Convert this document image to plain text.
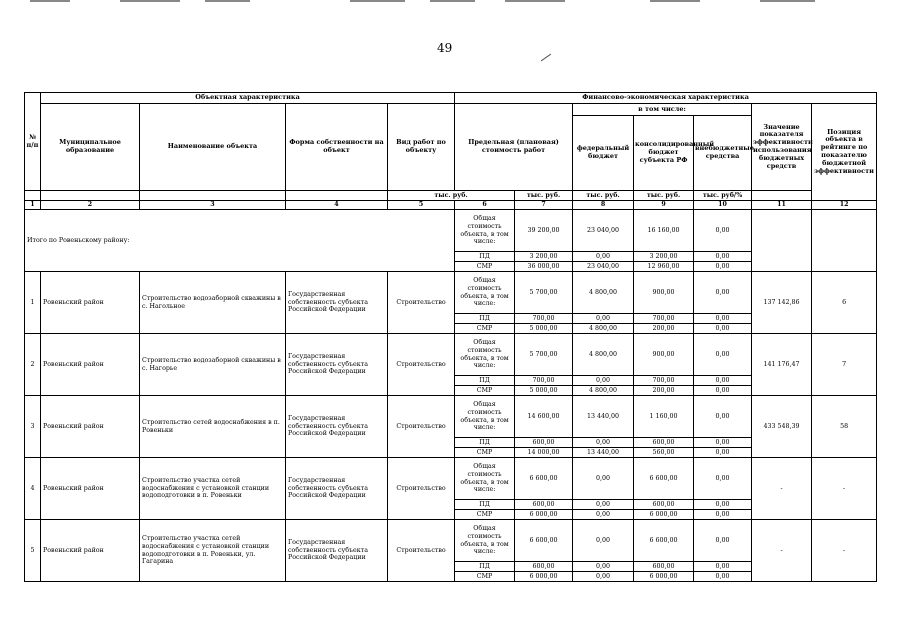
49
№ п/п	Объектная характеристика				Финансово-экономическая характеристика						
	Муниципальное образование	Наименование объекта	Форма собственности на объект	Вид работ по объекту	Предельная (плановая) стоимость работ		в том числе:			Значение показателя эффективности использования бюджетных средств	Позиция объекта в рейтинге по показателю бюджетной эффективности
							федеральный бюджет	консолидированный бюджет субъекта РФ	внебюджетные средства		
				тыс. руб.		тыс. руб.	тыс. руб.	тыс. руб.	тыс. руб/%		
1	2	3	4	5	6	7	8	9	10	11	12
Итого по Ровеньскому району:					Общая стоимость объекта, в том числе:	39 200,00	23 040,00	16 160,00	0,00		
					ПД	3 200,00	0,00	3 200,00	0,00		
					СМР	36 000,00	23 040,00	12 960,00	0,00		
1	Ровеньский район	Строительство водозаборной скважины в с. Нагольное	Государственная собственность субъекта Российской Федерации	Строительство	Общая стоимость объекта, в том числе:	5 700,00	4 800,00	900,00	0,00	137 142,86	6
					ПД	700,00	0,00	700,00	0,00		
					СМР	5 000,00	4 800,00	200,00	0,00		
2	Ровеньский район	Строительство водозаборной скважины в с. Нагорье	Государственная собственность субъекта Российской Федерации	Строительство	Общая стоимость объекта, в том числе:	5 700,00	4 800,00	900,00	0,00	141 176,47	7
					ПД	700,00	0,00	700,00	0,00		
					СМР	5 000,00	4 800,00	200,00	0,00		
3	Ровеньский район	Строительство сетей водоснабжения в п. Ровеньки	Государственная собственность субъекта Российской Федерации	Строительство	Общая стоимость объекта, в том числе:	14 600,00	13 440,00	1 160,00	0,00	433 548,39	58
					ПД	600,00	0,00	600,00	0,00		
					СМР	14 000,00	13 440,00	560,00	0,00		
4	Ровеньский район	Строительство участка сетей водоснабжения с установкой станции водоподготовки в п. Ровеньки	Государственная собственность субъекта Российской Федерации	Строительство	Общая стоимость объекта, в том числе:	6 600,00	0,00	6 600,00	0,00	-	-
					ПД	600,00	0,00	600,00	0,00		
					СМР	6 000,00	0,00	6 000,00	0,00		
5	Ровеньский район	Строительство участка сетей водоснабжения с установкой станции водоподготовки в п. Ровеньки, ул. Гагарина	Государственная собственность субъекта Российской Федерации	Строительство	Общая стоимость объекта, в том числе:	6 600,00	0,00	6 600,00	0,00	-	-
					ПД	600,00	0,00	600,00	0,00		
					СМР	6 000,00	0,00	6 000,00	0,00		
